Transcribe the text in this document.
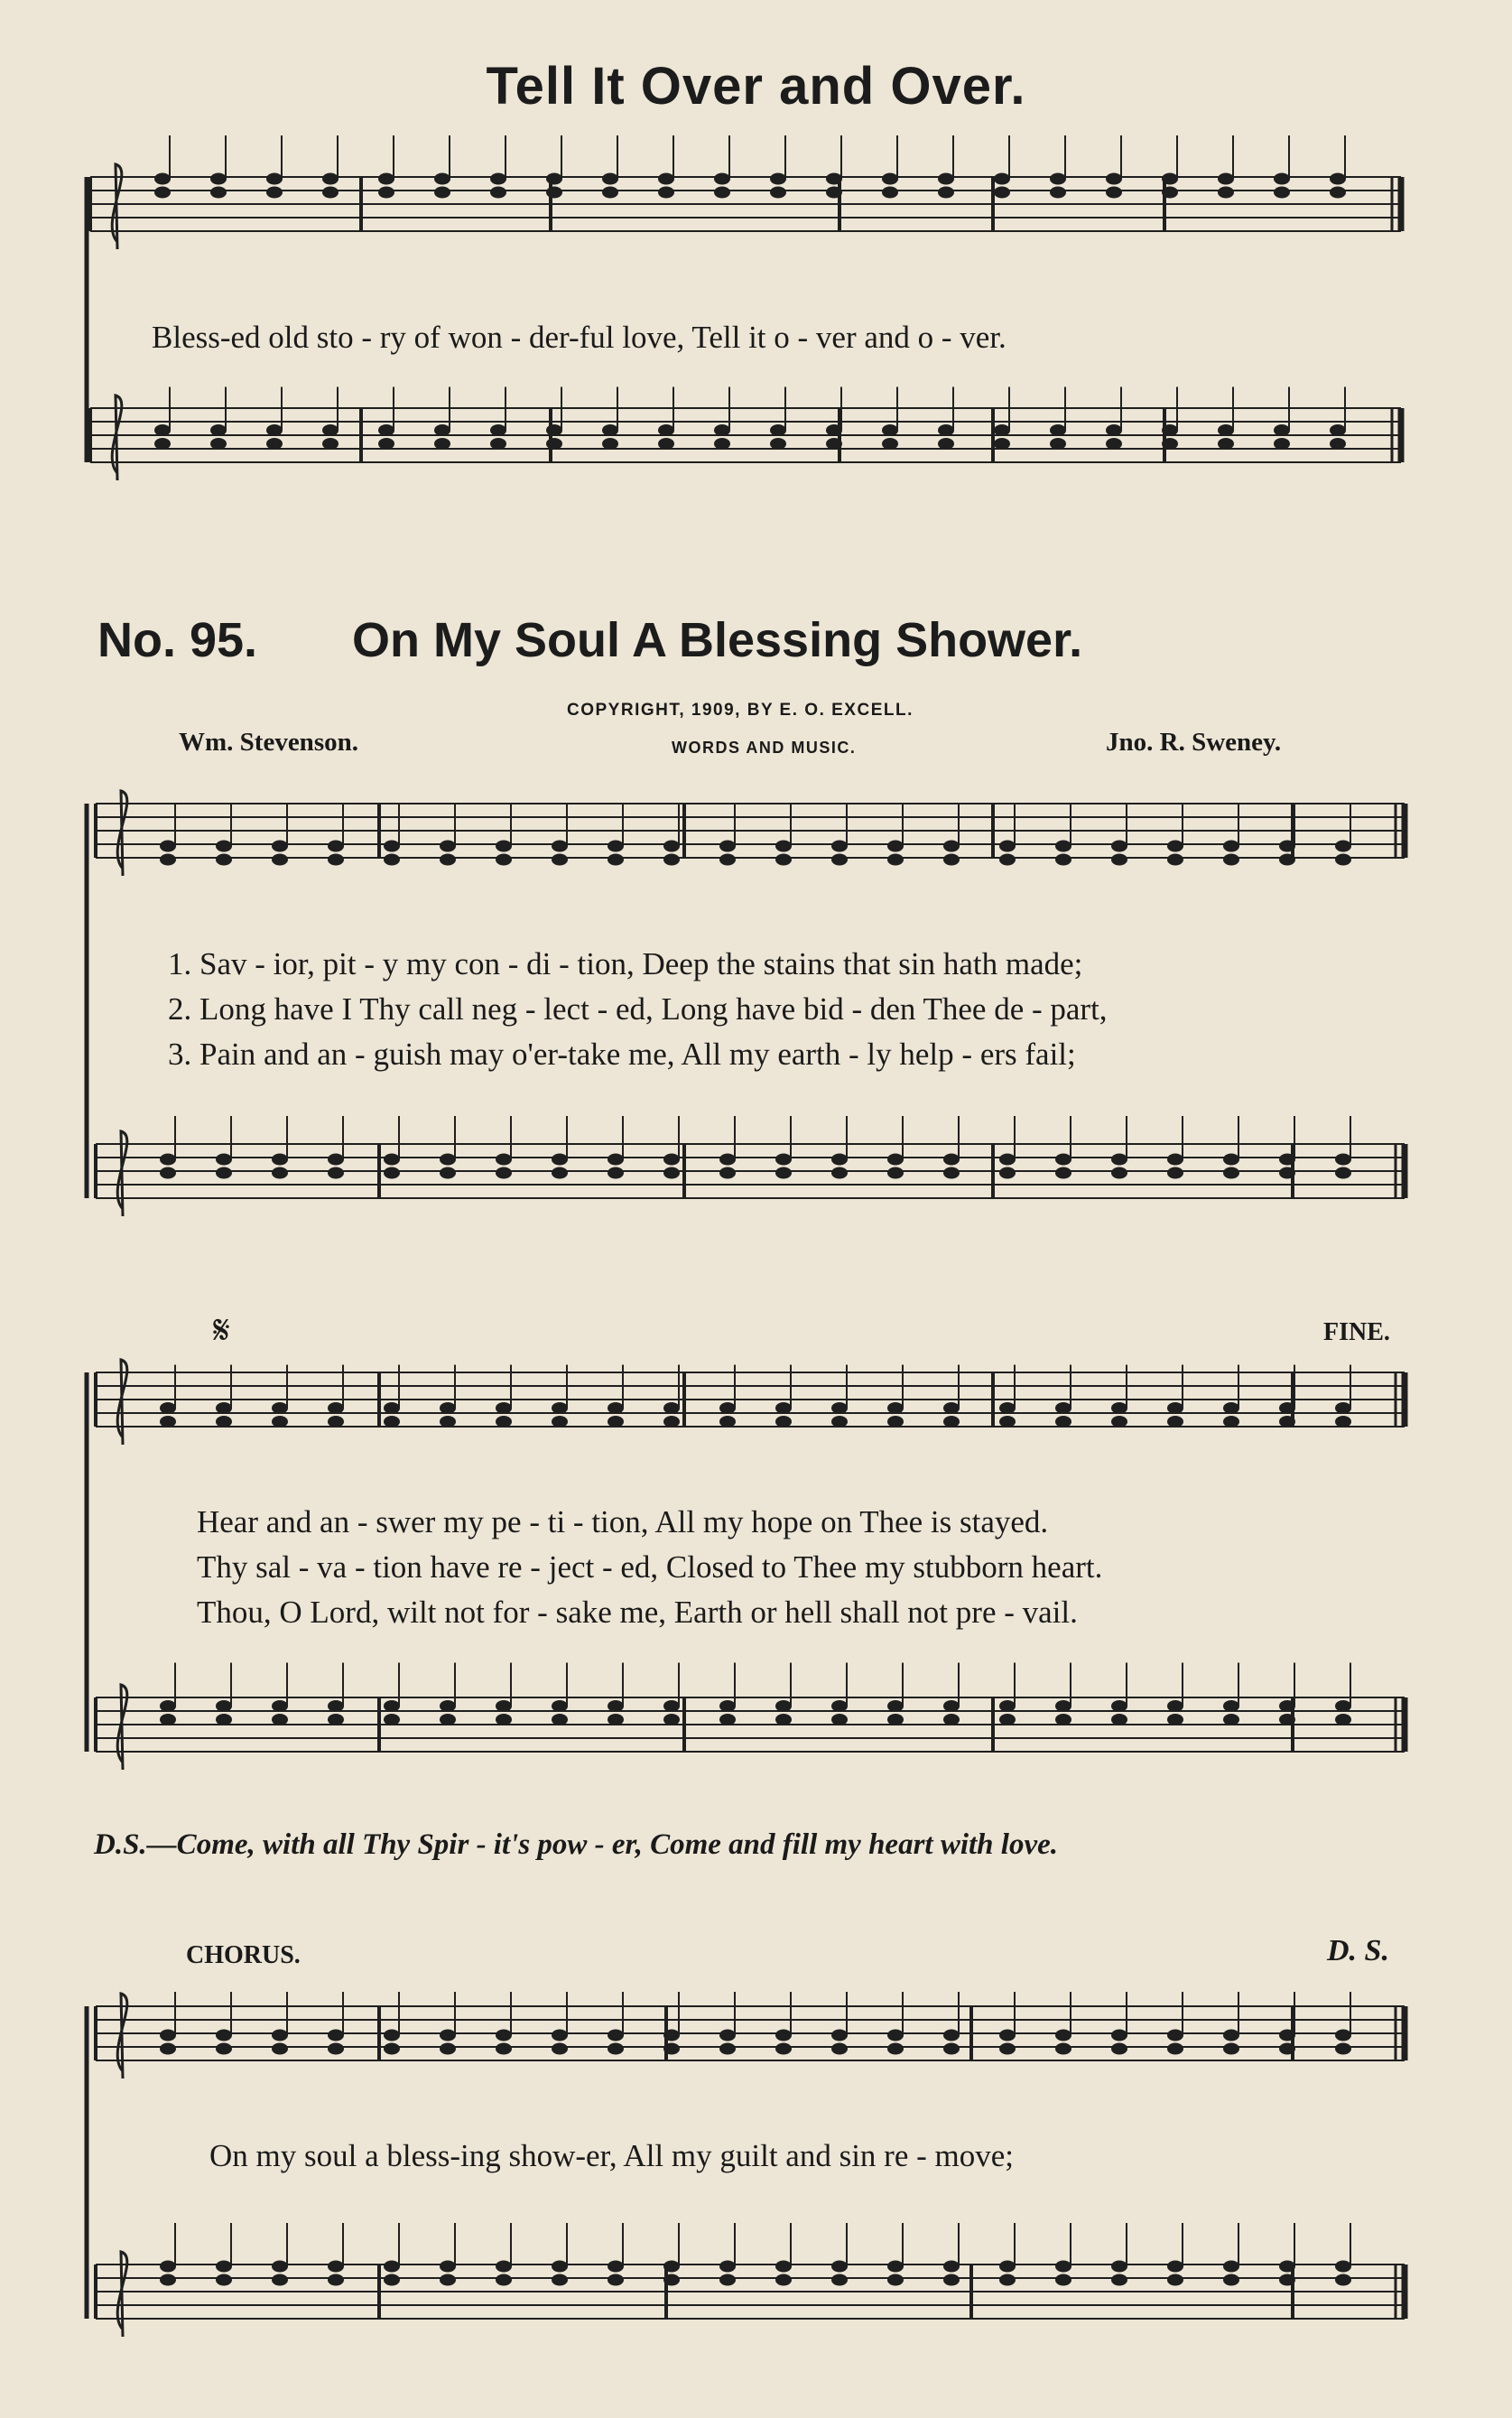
Tell It Over and Over.
No. 95. On My Soul A Blessing Shower.
COPYRIGHT, 1909, BY E. O. EXCELL.
WORDS AND MUSIC.
Wm. Stevenson.	Jno. R. Sweney.
Bless-ed old sto - ry of won - der-ful love, Tell it o - ver and o - ver.
1. Sav - ior, pit - y my con - di - tion, Deep the stains that sin hath made;
2. Long have I Thy call neg - lect - ed, Long have bid - den Thee de - part,
3. Pain and an - guish may o'er-take me, All my earth - ly help - ers fail;
𝄋	FINE.
Hear and an - swer my pe - ti - tion, All my hope on Thee is stayed.
Thy sal - va - tion have re - ject - ed, Closed to Thee my stubborn heart.
Thou, O Lord, wilt not for - sake me, Earth or hell shall not pre - vail.
D.S.—Come, with all Thy Spir - it's pow - er, Come and fill my heart with love.
CHORUS.	D. S.
On my soul a bless-ing show-er, All my guilt and sin re - move;
